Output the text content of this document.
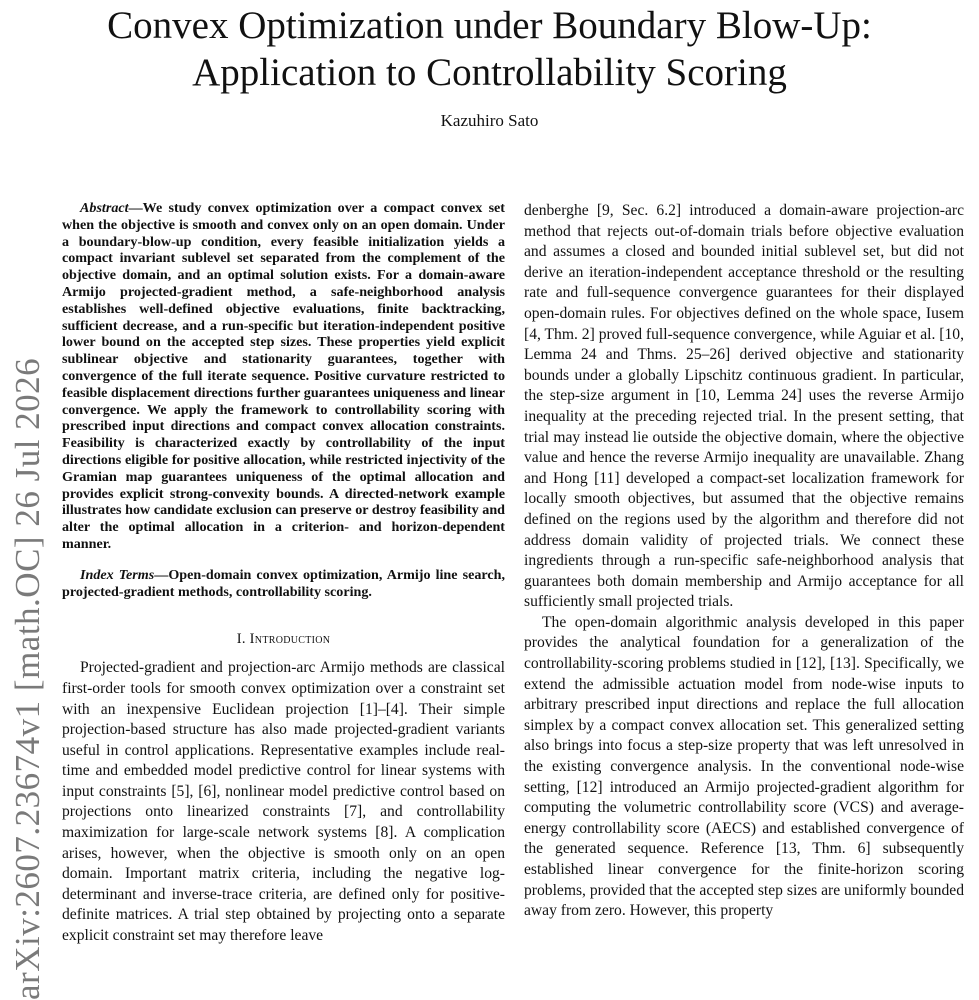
Convex Optimization under Boundary Blow-Up:
Application to Controllability Scoring
Kazuhiro Sato
arXiv:2607.23674v1 [math.OC] 26 Jul 2026

Abstract—We study convex optimization over a compact convex set when the objective is smooth and convex only on an open domain. Under a boundary-blow-up condition, every feasible initialization yields a compact invariant sublevel set separated from the complement of the objective domain, and an optimal solution exists. For a domain-aware Armijo projected-gradient method, a safe-neighborhood analysis establishes well-defined objective evaluations, finite backtracking, sufficient decrease, and a run-specific but iteration-independent positive lower bound on the accepted step sizes. These properties yield explicit sublinear objective and stationarity guarantees, together with convergence of the full iterate sequence. Positive curvature restricted to feasible displacement directions further guarantees uniqueness and linear convergence. We apply the framework to controllability scoring with prescribed input directions and compact convex allocation constraints. Feasibility is characterized exactly by controllability of the input directions eligible for positive allocation, while restricted injectivity of the Gramian map guarantees uniqueness of the optimal allocation and provides explicit strong-convexity bounds. A directed-network example illustrates how candidate exclusion can preserve or destroy feasibility and alter the optimal allocation in a criterion- and horizon-dependent manner.

Index Terms—Open-domain convex optimization, Armijo line search, projected-gradient methods, controllability scoring.

I. Introduction

Projected-gradient and projection-arc Armijo methods are classical first-order tools for smooth convex optimization over a constraint set with an inexpensive Euclidean projection [1]–[4]. Their simple projection-based structure has also made projected-gradient variants useful in control applications. Representative examples include real-time and embedded model predictive control for linear systems with input constraints [5], [6], nonlinear model predictive control based on projections onto linearized constraints [7], and controllability maximization for large-scale network systems [8]. A complication arises, however, when the objective is smooth only on an open domain. Important matrix criteria, including the negative log-determinant and inverse-trace criteria, are defined only for positive-definite matrices. A trial step obtained by projecting onto a separate explicit constraint set may therefore leave

denberghe [9, Sec. 6.2] introduced a domain-aware projection-arc method that rejects out-of-domain trials before objective evaluation and assumes a closed and bounded initial sublevel set, but did not derive an iteration-independent acceptance threshold or the resulting rate and full-sequence convergence guarantees for their displayed open-domain rules. For objectives defined on the whole space, Iusem [4, Thm. 2] proved full-sequence convergence, while Aguiar et al. [10, Lemma 24 and Thms. 25–26] derived objective and stationarity bounds under a globally Lipschitz continuous gradient. In particular, the step-size argument in [10, Lemma 24] uses the reverse Armijo inequality at the preceding rejected trial. In the present setting, that trial may instead lie outside the objective domain, where the objective value and hence the reverse Armijo inequality are unavailable. Zhang and Hong [11] developed a compact-set localization framework for locally smooth objectives, but assumed that the objective remains defined on the regions used by the algorithm and therefore did not address domain validity of projected trials. We connect these ingredients through a run-specific safe-neighborhood analysis that guarantees both domain membership and Armijo acceptance for all sufficiently small projected trials.

The open-domain algorithmic analysis developed in this paper provides the analytical foundation for a generalization of the controllability-scoring problems studied in [12], [13]. Specifically, we extend the admissible actuation model from node-wise inputs to arbitrary prescribed input directions and replace the full allocation simplex by a compact convex allocation set. This generalized setting also brings into focus a step-size property that was left unresolved in the existing convergence analysis. In the conventional node-wise setting, [12] introduced an Armijo projected-gradient algorithm for computing the volumetric controllability score (VCS) and average-energy controllability score (AECS) and established convergence of the generated sequence. Reference [13, Thm. 6] subsequently established linear convergence for the finite-horizon scoring problems, provided that the accepted step sizes are uniformly bounded away from zero. However, this property
